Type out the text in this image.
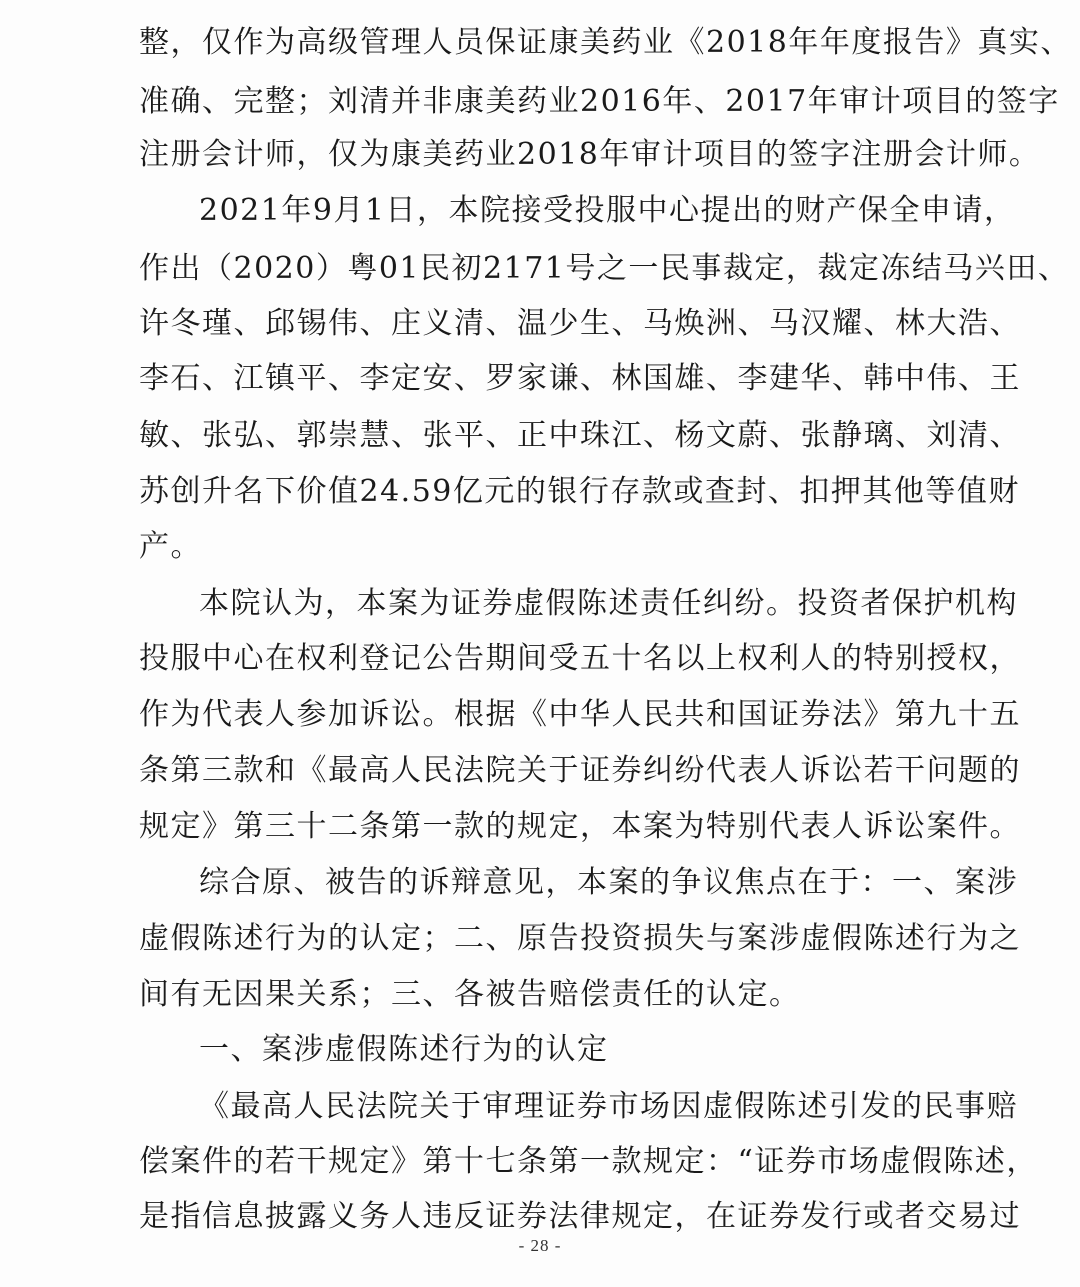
整，仅作为高级管理人员保证康美药业《2018年年度报告》真实、
准确、完整；刘清并非康美药业2016年、2017年审计项目的签字
注册会计师，仅为康美药业2018年审计项目的签字注册会计师。
2021年9月1日，本院接受投服中心提出的财产保全申请，
作出（2020）粤01民初2171号之一民事裁定，裁定冻结马兴田、
许冬瑾、邱锡伟、庄义清、温少生、马焕洲、马汉耀、林大浩、
李石、江镇平、李定安、罗家谦、林国雄、李建华、韩中伟、王
敏、张弘、郭崇慧、张平、正中珠江、杨文蔚、张静璃、刘清、
苏创升名下价值24.59亿元的银行存款或查封、扣押其他等值财
产。
本院认为，本案为证券虚假陈述责任纠纷。投资者保护机构
投服中心在权利登记公告期间受五十名以上权利人的特别授权，
作为代表人参加诉讼。根据《中华人民共和国证券法》第九十五
条第三款和《最高人民法院关于证券纠纷代表人诉讼若干问题的
规定》第三十二条第一款的规定，本案为特别代表人诉讼案件。
综合原、被告的诉辩意见，本案的争议焦点在于：一、案涉
虚假陈述行为的认定；二、原告投资损失与案涉虚假陈述行为之
间有无因果关系；三、各被告赔偿责任的认定。
一、案涉虚假陈述行为的认定
《最高人民法院关于审理证券市场因虚假陈述引发的民事赔
偿案件的若干规定》第十七条第一款规定：“证券市场虚假陈述，
是指信息披露义务人违反证券法律规定，在证券发行或者交易过
- 28 -
